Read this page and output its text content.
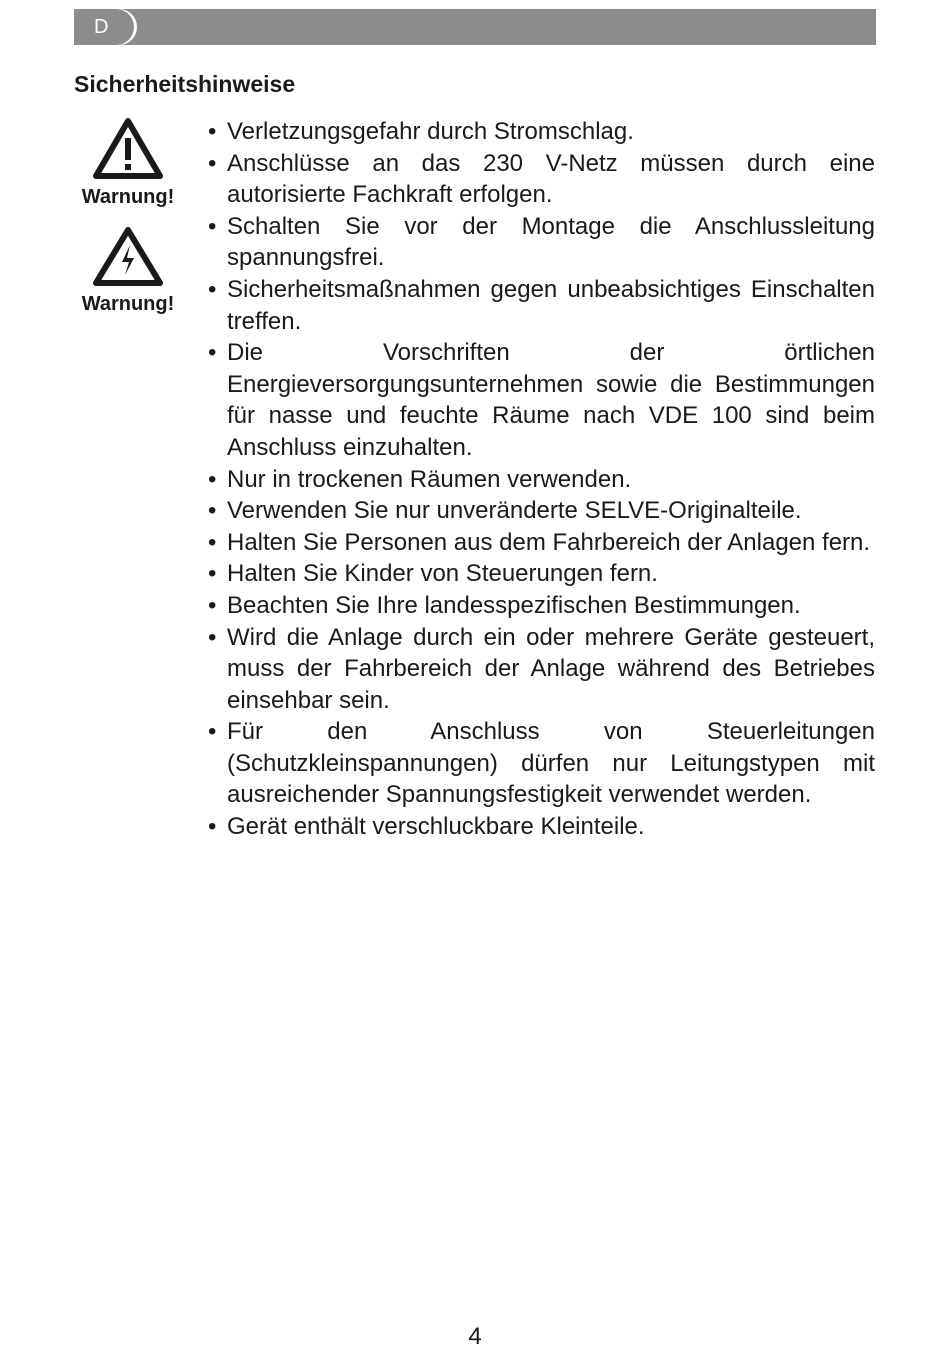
D
Sicherheitshinweise
Warnung!
Warnung!
• Verletzungsgefahr durch Stromschlag.
• Anschlüsse an das 230 V-Netz müssen durch eine autorisierte Fachkraft erfolgen.
• Schalten Sie vor der Montage die Anschlussleitung spannungsfrei.
• Sicherheitsmaßnahmen gegen unbeabsichtiges Einschalten treffen.
• Die Vorschriften der örtlichen Energieversorgungsunternehmen sowie die Bestimmungen für nasse und feuchte Räume nach VDE 100 sind beim Anschluss einzuhalten.
• Nur in trockenen Räumen verwenden.
• Verwenden Sie nur unveränderte SELVE-Originalteile.
• Halten Sie Personen aus dem Fahrbereich der Anlagen fern.
• Halten Sie Kinder von Steuerungen fern.
• Beachten Sie Ihre landesspezifischen Bestimmungen.
• Wird die Anlage durch ein oder mehrere Geräte gesteuert, muss der Fahrbereich der Anlage während des Betriebes einsehbar sein.
• Für den Anschluss von Steuerleitungen (Schutzkleinspannungen) dürfen nur Leitungstypen mit ausreichender Spannungsfestigkeit verwendet werden.
• Gerät enthält verschluckbare Kleinteile.
4
